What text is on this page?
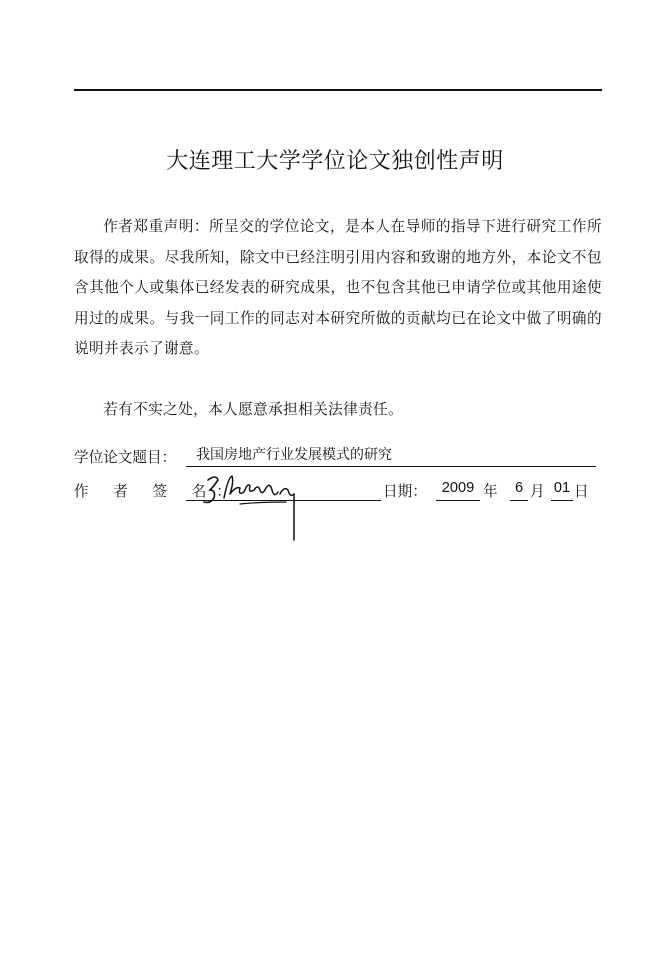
大连理工大学学位论文独创性声明

作者郑重声明：所呈交的学位论文，是本人在导师的指导下进行研究工作所取得的成果。尽我所知，除文中已经注明引用内容和致谢的地方外，本论文不包含其他个人或集体已经发表的研究成果，也不包含其他已申请学位或其他用途使用过的成果。与我一同工作的同志对本研究所做的贡献均已在论文中做了明确的说明并表示了谢意。

若有不实之处，本人愿意承担相关法律责任。

学位论文题目：	我国房地产行业发展模式的研究
作 者 签 名：	日期：	2009 年	6 月 01 日
